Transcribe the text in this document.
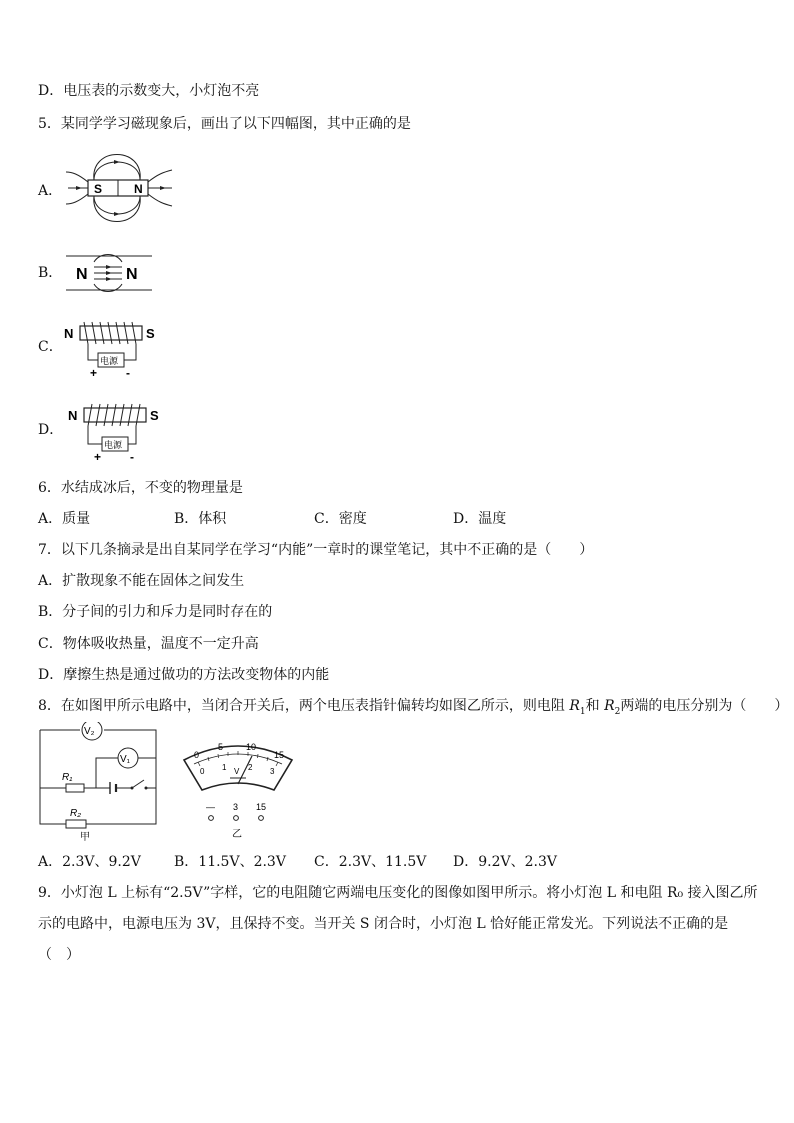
D．电压表的示数变大，小灯泡不亮
5．某同学学习磁现象后，画出了以下四幅图，其中正确的是
A．	S	N
B． N N
C．
电源
+ -
N	S
D．
电源
+ -
N	S
6．水结成冰后，不变的物理量是
A．质量	B．体积	C．密度	D．温度
7．以下几条摘录是出自某同学在学习“内能”一章时的课堂笔记，其中不正确的是（　　）
A．扩散现象不能在固体之间发生
B．分子间的引力和斥力是同时存在的
C．物体吸收热量，温度不一定升高
D．摩擦生热是通过做功的方法改变物体的内能
8．在如图甲所示电路中，当闭合开关后，两个电压表指针偏转均如图乙所示，则电阻 $R_1$和 $R_2$两端的电压分别为（　　）
V₂
V₁
R₁
R₂
甲
0
5	10
15
0 1	2 3
V
— 3 15
乙
A．2.3V、9.2V B．11.5V、2.3V C．2.3V、11.5V D．9.2V、2.3V
9．小灯泡 L 上标有“2.5V”字样，它的电阻随它两端电压变化的图像如图甲所示。将小灯泡 L 和电阻 R₀ 接入图乙所
示的电路中，电源电压为 3V，且保持不变。当开关 S 闭合时，小灯泡 L 恰好能正常发光。下列说法不正确的是
（　）
